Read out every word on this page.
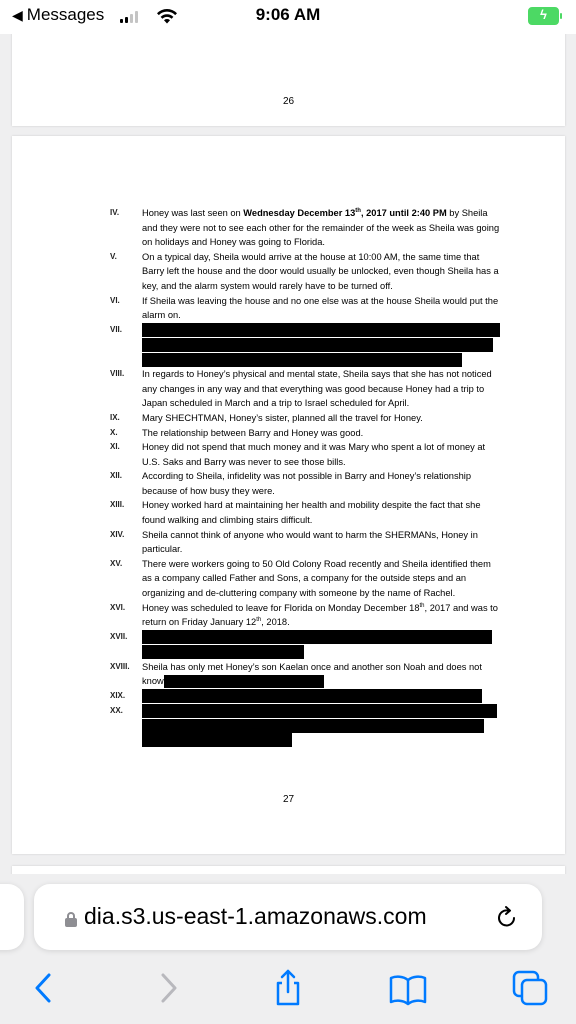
◀ Messages	9:06 AM	ϟ
26
IV. Honey was last seen on Wednesday December 13th, 2017 until 2:40 PM by Sheila and they were not to see each other for the remainder of the week as Sheila was going on holidays and Honey was going to Florida.
V.	On a typical day, Sheila would arrive at the house at 10:00 AM, the same time that Barry left the house and the door would usually be unlocked, even though Sheila has a key, and the alarm system would rarely have to be turned off.
VI. If Sheila was leaving the house and no one else was at the house Sheila would put the alarm on.
VII.
VIII. In regards to Honey’s physical and mental state, Sheila says that she has not noticed any changes in any way and that everything was good because Honey had a trip to Japan scheduled in March and a trip to Israel scheduled for April.
IX. Mary SHECHTMAN, Honey’s sister, planned all the travel for Honey.
X.	The relationship between Barry and Honey was good.
XI. Honey did not spend that much money and it was Mary who spent a lot of money at U.S. Saks and Barry was never to see those bills.
XII. According to Sheila, infidelity was not possible in Barry and Honey’s relationship because of how busy they were.
XIII. Honey worked hard at maintaining her health and mobility despite the fact that she found walking and climbing stairs difficult.
XIV. Sheila cannot think of anyone who would want to harm the SHERMANs, Honey in particular.
XV. There were workers going to 50 Old Colony Road recently and Sheila identified them as a company called Father and Sons, a company for the outside steps and an organizing and de-cluttering company with someone by the name of Rachel.
XVI. Honey was scheduled to leave for Florida on Monday December 18th, 2017 and was to return on Friday January 12th, 2018.
XVII.
XVIII. Sheila has only met Honey’s son Kaelan once and another son Noah and does not know
XIX.
XX.
27
dia.s3.us-east-1.amazonaws.com
